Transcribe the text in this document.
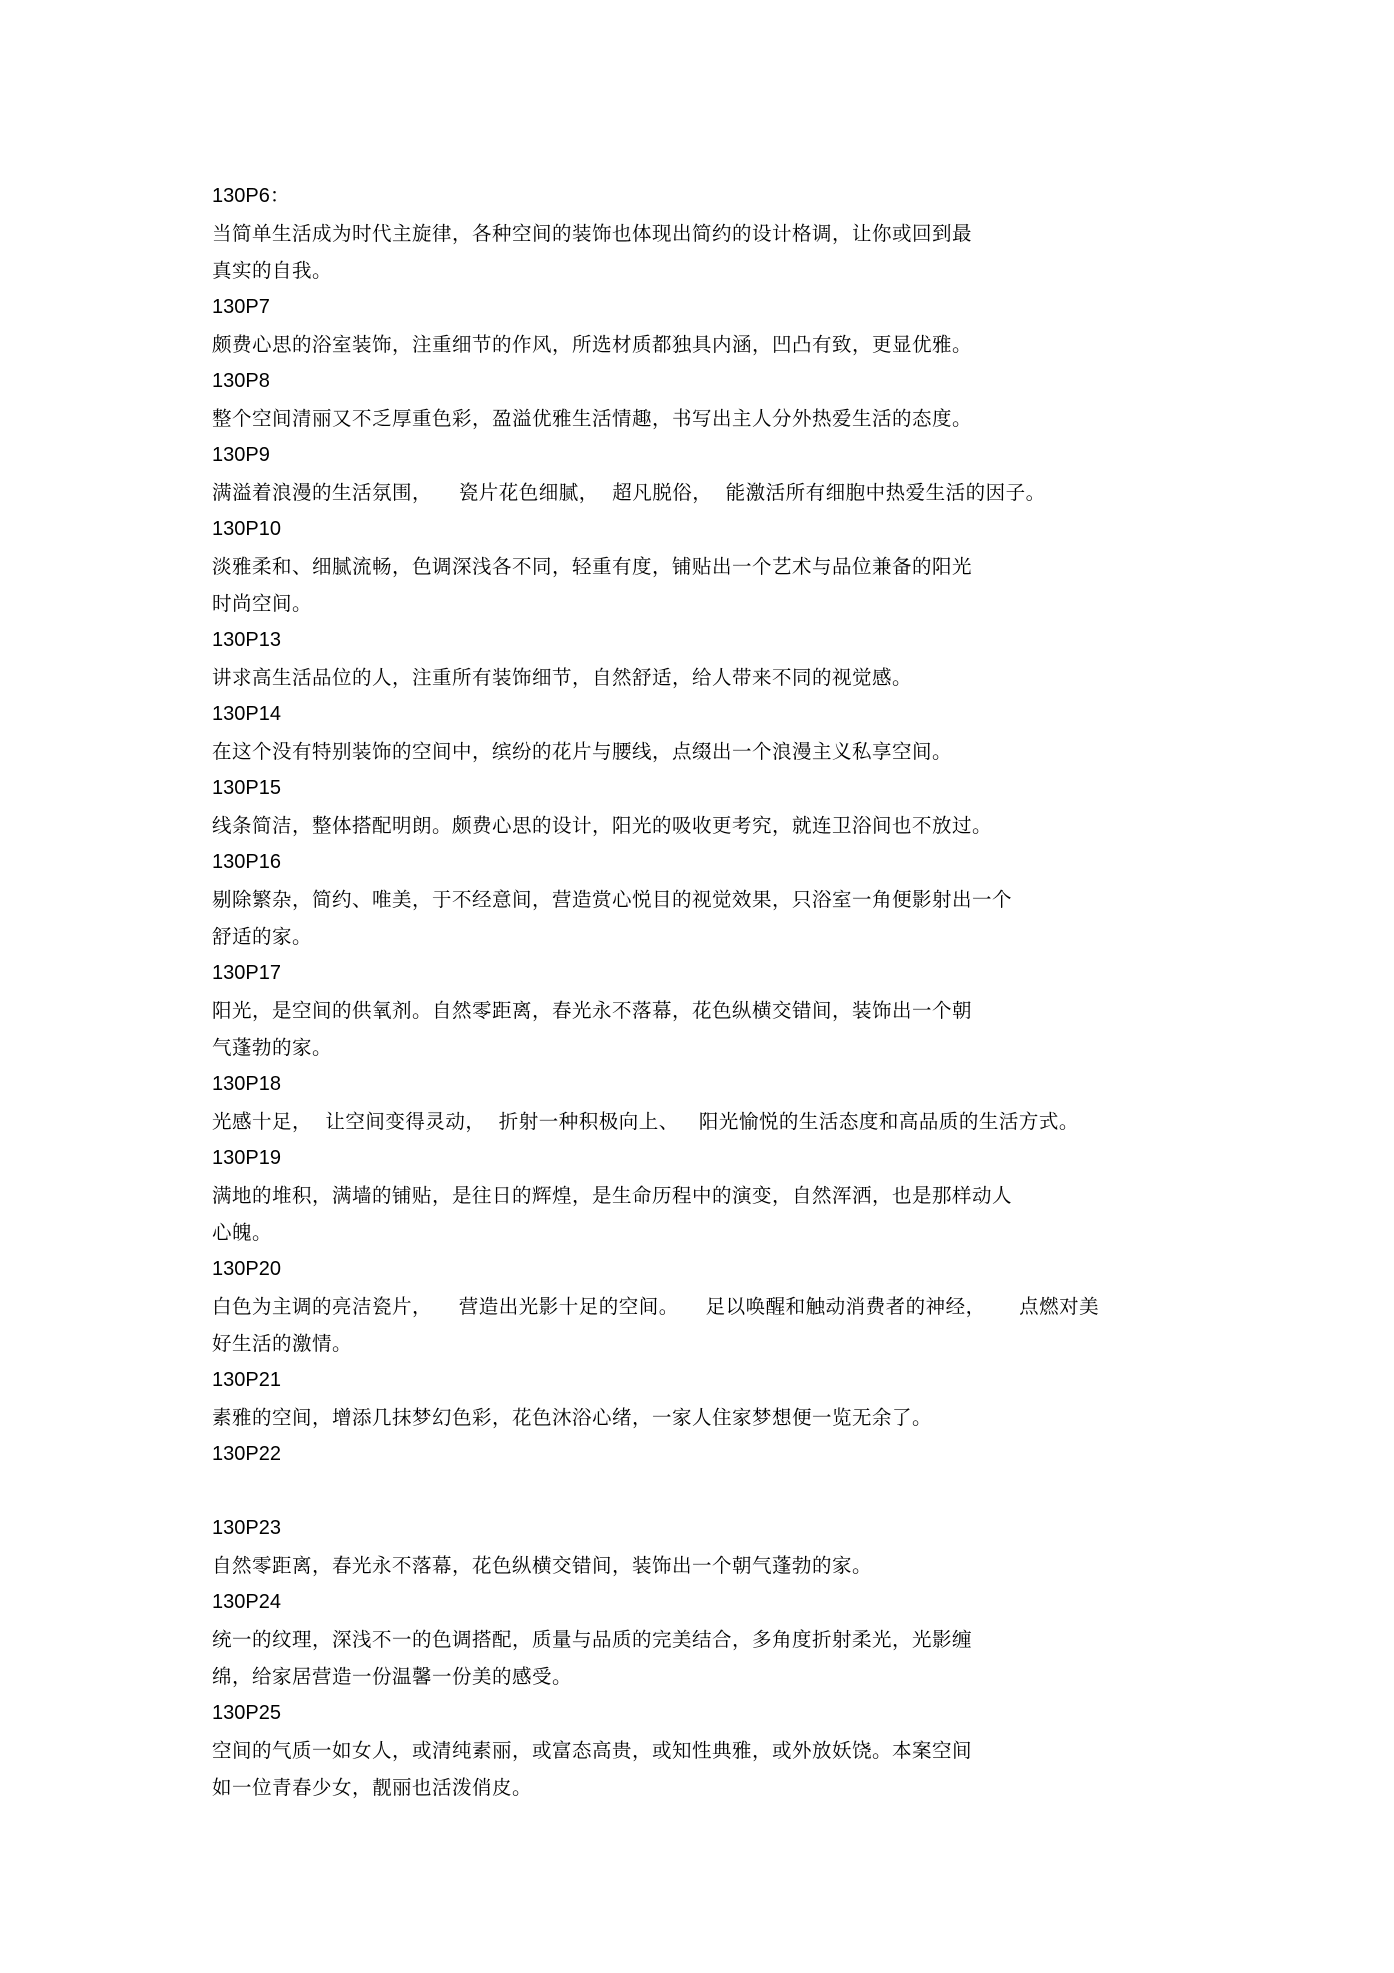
130P6：
当简单生活成为时代主旋律，各种空间的装饰也体现出简约的设计格调，让你或回到最
真实的自我。
130P7
颇费心思的浴室装饰，注重细节的作风，所选材质都独具内涵，凹凸有致，更显优雅。
130P8
整个空间清丽又不乏厚重色彩，盈溢优雅生活情趣，书写出主人分外热爱生活的态度。
130P9
满溢着浪漫的生活氛围，    瓷片花色细腻，  超凡脱俗，  能激活所有细胞中热爱生活的因子。
130P10
淡雅柔和、细腻流畅，色调深浅各不同，轻重有度，铺贴出一个艺术与品位兼备的阳光
时尚空间。
130P13
讲求高生活品位的人，注重所有装饰细节，自然舒适，给人带来不同的视觉感。
130P14
在这个没有特别装饰的空间中，缤纷的花片与腰线，点缀出一个浪漫主义私享空间。
130P15
线条简洁，整体搭配明朗。颇费心思的设计，阳光的吸收更考究，就连卫浴间也不放过。
130P16
剔除繁杂，简约、唯美，于不经意间，营造赏心悦目的视觉效果，只浴室一角便影射出一个
舒适的家。
130P17
阳光，是空间的供氧剂。自然零距离，春光永不落幕，花色纵横交错间，装饰出一个朝
气蓬勃的家。
130P18
光感十足，  让空间变得灵动，  折射一种积极向上、   阳光愉悦的生活态度和高品质的生活方式。
130P19
满地的堆积，满墙的铺贴，是往日的辉煌，是生命历程中的演变，自然浑洒，也是那样动人
心魄。
130P20
白色为主调的亮洁瓷片，    营造出光影十足的空间。    足以唤醒和触动消费者的神经，     点燃对美
好生活的激情。
130P21
素雅的空间，增添几抹梦幻色彩，花色沐浴心绪，一家人住家梦想便一览无余了。
130P22
130P23
自然零距离，春光永不落幕，花色纵横交错间，装饰出一个朝气蓬勃的家。
130P24
统一的纹理，深浅不一的色调搭配，质量与品质的完美结合，多角度折射柔光，光影缠
绵，给家居营造一份温馨一份美的感受。
130P25
空间的气质一如女人，或清纯素丽，或富态高贵，或知性典雅，或外放妖饶。本案空间
如一位青春少女，靓丽也活泼俏皮。
